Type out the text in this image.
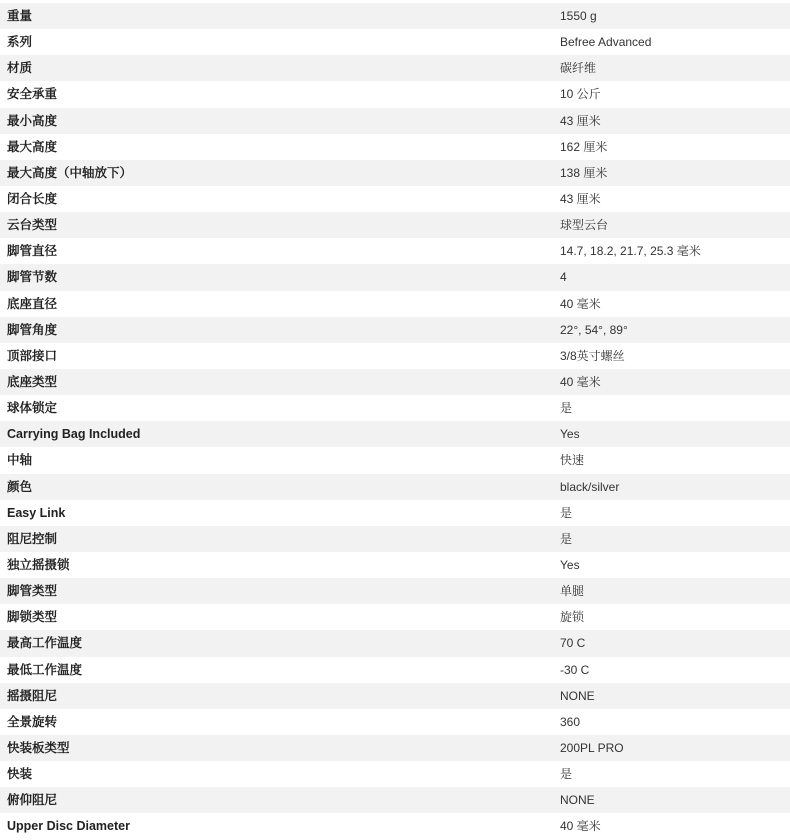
重量	1550 g
系列	Befree Advanced
材质	碳纤维
安全承重	10 公斤
最小高度	43 厘米
最大高度	162 厘米
最大高度（中轴放下）	138 厘米
闭合长度	43 厘米
云台类型	球型云台
脚管直径	14.7, 18.2, 21.7, 25.3 毫米
脚管节数	4
底座直径	40 毫米
脚管角度	22°, 54°, 89°
顶部接口	3/8英寸螺丝
底座类型	40 毫米
球体锁定	是
Carrying Bag Included	Yes
中轴	快速
颜色	black/silver
Easy Link	是
阻尼控制	是
独立摇摄锁	Yes
脚管类型	单腿
脚锁类型	旋锁
最高工作温度	70 C
最低工作温度	-30 C
摇摄阻尼	NONE
全景旋转	360
快装板类型	200PL PRO
快装	是
俯仰阻尼	NONE
Upper Disc Diameter	40 毫米
